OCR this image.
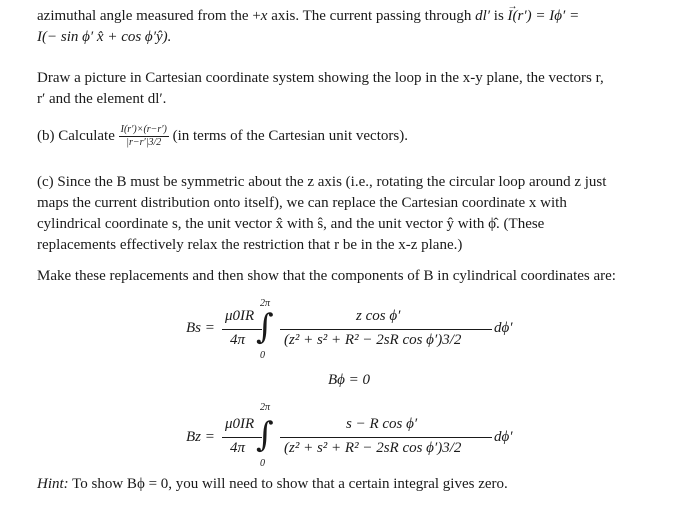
azimuthal angle measured from the +x axis. The current passing through dl′ is → I(r′) = Iϕ′ =
I(− sin ϕ′ x̂ + cos ϕ′ŷ).

Draw a picture in Cartesian coordinate system showing the loop in the x-y plane, the vectors r,
r′ and the element dl′.

(b) Calculate $\frac{I(r')\times(r-r')}{|r-r'|3/2} (in$ terms of the Cartesian unit vectors).

(c) Since the B must be symmetric about the z axis (i.e., rotating the circular loop around z just
maps the current distribution onto itself), we can replace the Cartesian coordinate x with
cylindrical coordinate s, the unit vector x̂ with ŝ, and the unit vector ŷ with ϕ̂. (These
replacements effectively relax the restriction that r be in the x-z plane.)

Make these replacements and then show that the components of B in cylindrical coordinates are:

Bs =
μ0IR
4π
2π
∫
0
z cos ϕ′
(z² + s² + R² − 2sR cos ϕ′)3/2
dϕ′
Bϕ = 0
Bz =
μ0IR
4π
2π
∫
0
s − R cos ϕ′
(z² + s² + R² − 2sR cos ϕ′)3/2
dϕ′

Hint: To show Bϕ = 0, you will need to show that a certain integral gives zero.
